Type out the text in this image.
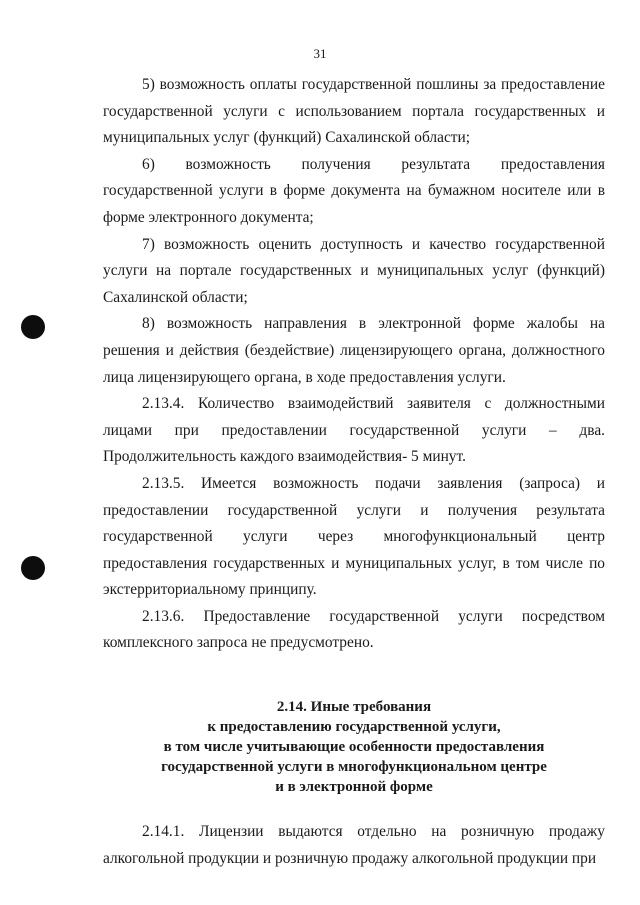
31

5) возможность оплаты государственной пошлины за предоставление государственной услуги с использованием портала государственных и муниципальных услуг (функций) Сахалинской области;

6) возможность получения результата предоставления государственной услуги в форме документа на бумажном носителе или в форме электронного документа;

7) возможность оценить доступность и качество государственной услуги на портале государственных и муниципальных услуг (функций) Сахалинской области;

8) возможность направления в электронной форме жалобы на решения и действия (бездействие) лицензирующего органа, должностного лица лицензирующего органа, в ходе предоставления услуги.

2.13.4. Количество взаимодействий заявителя с должностными лицами при предоставлении государственной услуги – два. Продолжительность каждого взаимодействия- 5 минут.

2.13.5. Имеется возможность подачи заявления (запроса) и предоставлении государственной услуги и получения результата государственной услуги через многофункциональный центр предоставления государственных и муниципальных услуг, в том числе по экстерриториальному принципу.

2.13.6. Предоставление государственной услуги посредством комплексного запроса не предусмотрено.

2.14. Иные требования
к предоставлению государственной услуги,
в том числе учитывающие особенности предоставления
государственной услуги в многофункциональном центре
и в электронной форме

2.14.1. Лицензии выдаются отдельно на розничную продажу алкогольной продукции и розничную продажу алкогольной продукции при
